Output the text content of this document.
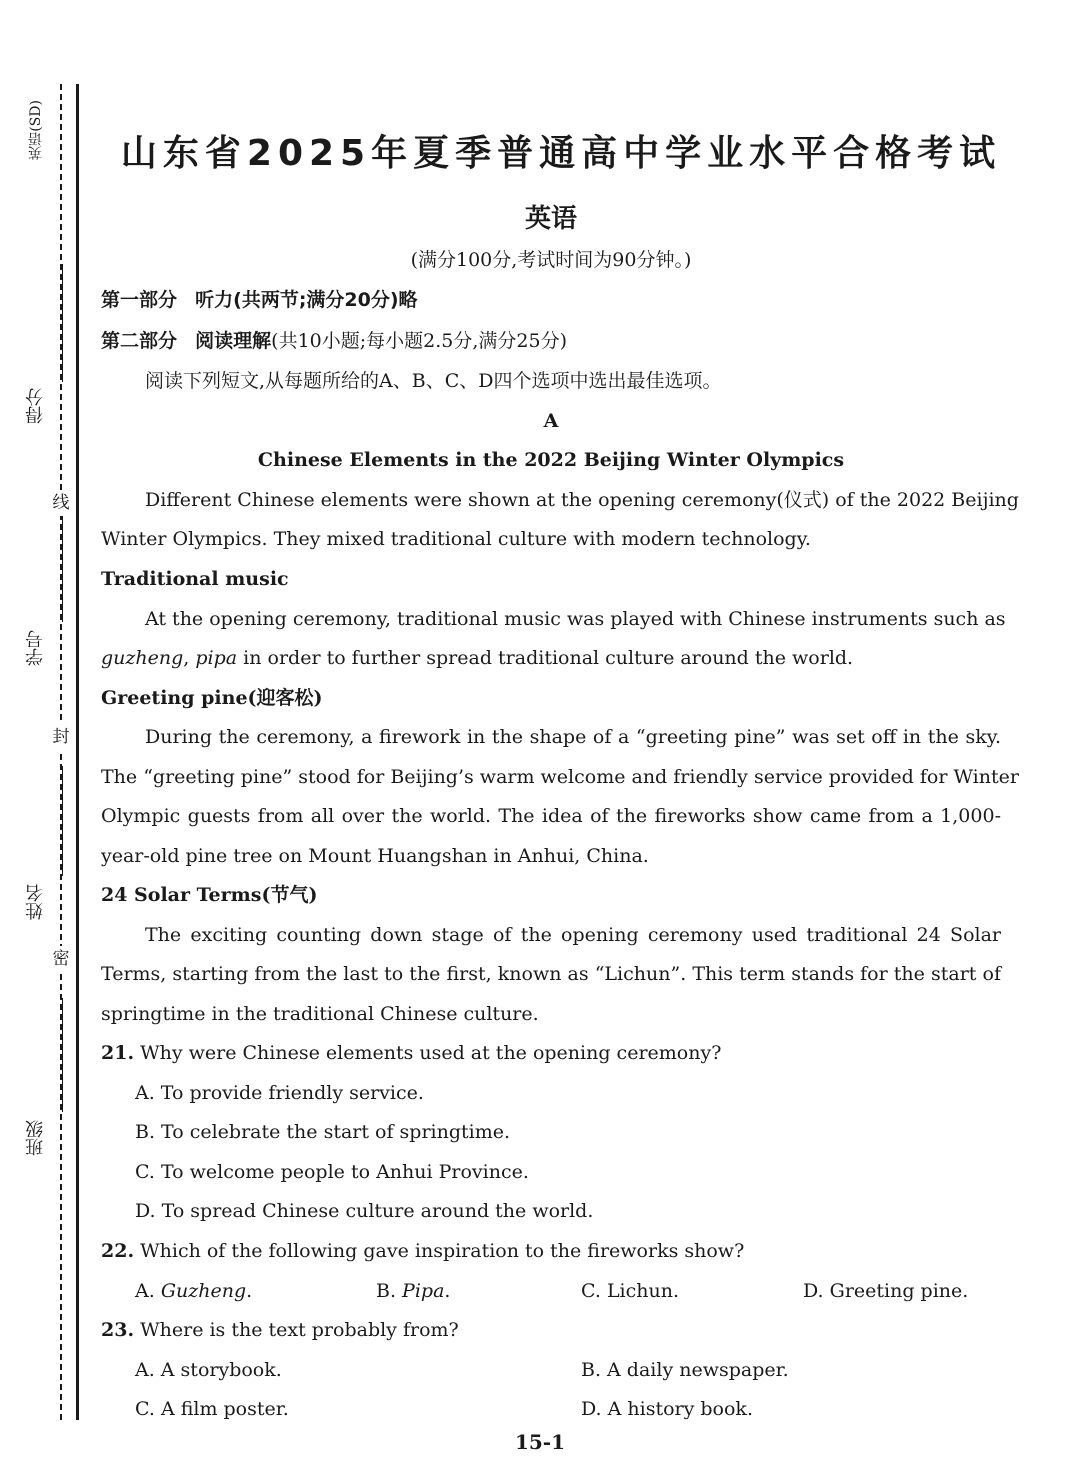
英语(SD)
得分
学号
姓名
班级
线
封
密
山东省2025年夏季普通高中学业水平合格考试
英语
(满分100分,考试时间为90分钟。)
第一部分 听力(共两节;满分20分)略
第二部分 阅读理解(共10小题;每小题2.5分,满分25分)
阅读下列短文,从每题所给的A、B、C、D四个选项中选出最佳选项。
A
Chinese Elements in the 2022 Beijing Winter Olympics
Different Chinese elements were shown at the opening ceremony(仪式) of the 2022 Beijing
Winter Olympics. They mixed traditional culture with modern technology.
Traditional music
At the opening ceremony, traditional music was played with Chinese instruments such as
guzheng, pipa in order to further spread traditional culture around the world.
Greeting pine(迎客松)
During the ceremony, a firework in the shape of a “greeting pine” was set off in the sky.
The “greeting pine” stood for Beijing’s warm welcome and friendly service provided for Winter
Olympic guests from all over the world. The idea of the fireworks show came from a 1,000-
year-old pine tree on Mount Huangshan in Anhui, China.
24 Solar Terms(节气)
The exciting counting down stage of the opening ceremony used traditional 24 Solar
Terms, starting from the last to the first, known as “Lichun”. This term stands for the start of
springtime in the traditional Chinese culture.
21. Why were Chinese elements used at the opening ceremony?
A. To provide friendly service.
B. To celebrate the start of springtime.
C. To welcome people to Anhui Province.
D. To spread Chinese culture around the world.
22. Which of the following gave inspiration to the fireworks show?
A. Guzheng.	B. Pipa.	C. Lichun.	D. Greeting pine.
23. Where is the text probably from?
A. A storybook.	B. A daily newspaper.
C. A film poster.	D. A history book.
15-1
